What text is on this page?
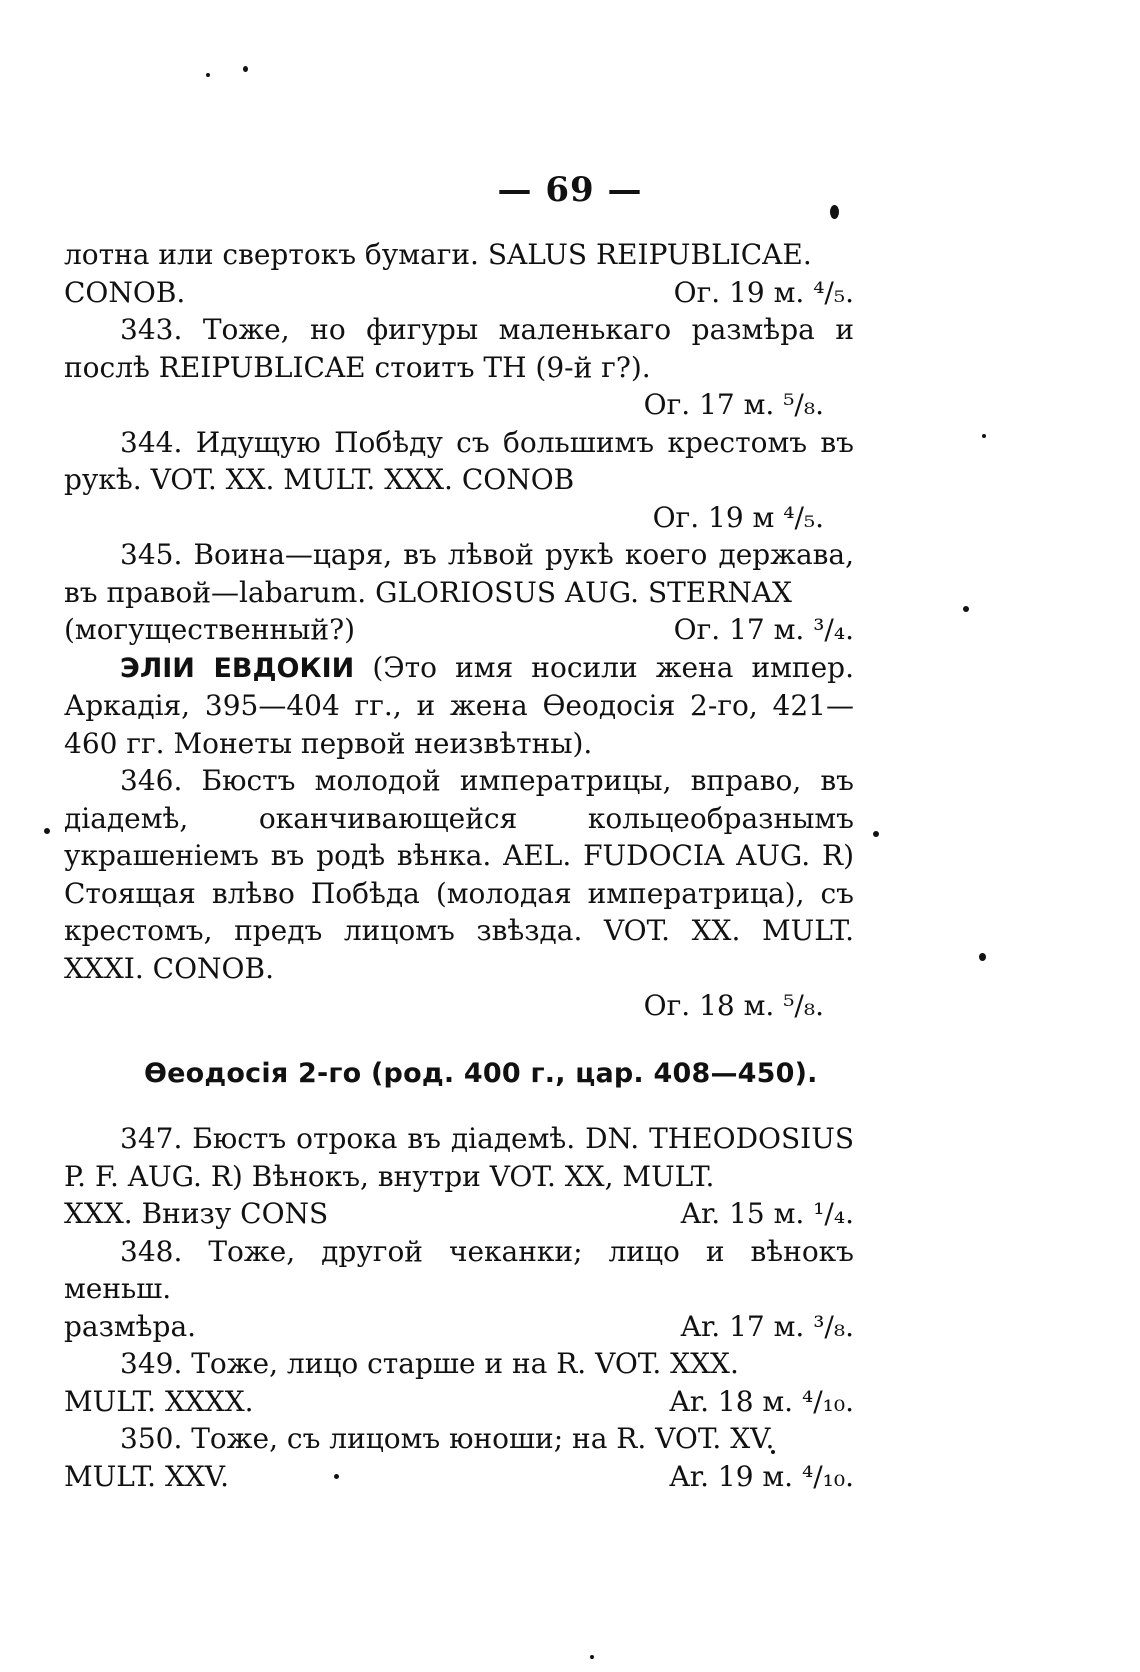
— 69 —

лотна или свертокъ бумаги. SALUS REIPUBLICAE.

CONOB.	Ог. 19 м. ⁴/₅.

343. Тоже, но фигуры маленькаго размѣра и послѣ REIPUBLICAE стоитъ TH (9-й г?).

Ог. 17 м. ⁵/₈.

344. Идущую Побѣду съ большимъ крестомъ въ рукѣ. VOT. XX. MULT. XXX. CONOB

Ог. 19 м ⁴/₅.

345. Воина—царя, въ лѣвой рукѣ коего держава, въ правой—labarum. GLORIOSUS AUG. STERNAX

(могущественный?)	Ог. 17 м. ³/₄.

ЭЛІИ ЕВДОКІИ (Это имя носили жена импер. Аркадія, 395—404 гг., и жена Өеодосія 2-го, 421—460 гг. Монеты первой неизвѣтны).

346. Бюстъ молодой императрицы, вправо, въ діадемѣ, оканчивающейся кольцеобразнымъ украшеніемъ въ родѣ вѣнка. AEL. FUDOCIA AUG. R) Стоящая влѣво Побѣда (молодая императрица), съ крестомъ, предъ лицомъ звѣзда. VOT. XX. MULT. XXXI. CONOB.

Ог. 18 м. ⁵/₈.
Өеодосія 2-го (род. 400 г., цар. 408—450).

347. Бюстъ отрока въ діадемѣ. DN. THEODOSIUS P. F. AUG. R) Вѣнокъ, внутри VOT. XX, MULT.

XXX. Внизу CONS	Ar. 15 м. ¹/₄.

348. Тоже, другой чеканки; лицо и вѣнокъ меньш.

размѣра.	Ar. 17 м. ³/₈.

349. Тоже, лицо старше и на R. VOT. XXX.

MULT. XXXX.	Ar. 18 м. ⁴/₁₀.

350. Тоже, съ лицомъ юноши; на R. VOT. XV.

MULT. XXV.	Ar. 19 м. ⁴/₁₀.
